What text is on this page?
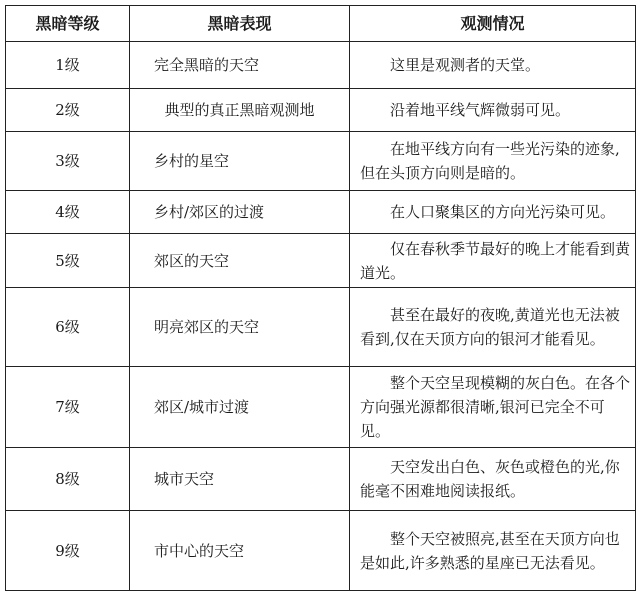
黑暗等级	黑暗表现	观测情况
1级	完全黑暗的天空	这里是观测者的天堂。

2级	典型的真正黑暗观测地	沿着地平线气辉微弱可见。

3级	乡村的星空	在地平线方向有一些光污染的迹象,但在头顶方向则是暗的。

4级	乡村/郊区的过渡	在人口聚集区的方向光污染可见。

5级	郊区的天空	仅在春秋季节最好的晚上才能看到黄道光。

6级	明亮郊区的天空	甚至在最好的夜晚,黄道光也无法被看到,仅在天顶方向的银河才能看见。

7级	郊区/城市过渡	整个天空呈现模糊的灰白色。在各个方向强光源都很清晰,银河已完全不可见。

8级	城市天空	天空发出白色、灰色或橙色的光,你能毫不困难地阅读报纸。

9级	市中心的天空	整个天空被照亮,甚至在天顶方向也是如此,许多熟悉的星座已无法看见。
